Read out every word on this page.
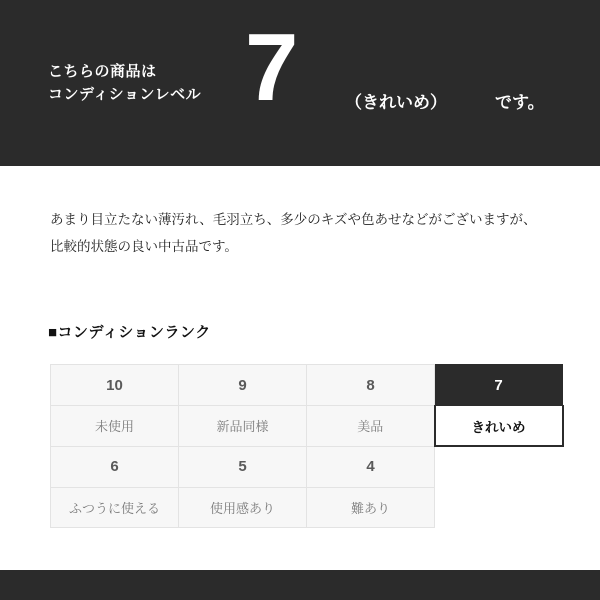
こちらの商品は
コンディションレベル 7	（きれいめ）	です。
あまり目立たない薄汚れ、毛羽立ち、多少のキズや色あせなどがございますが、比較的状態の良い中古品です。
■コンディションランク
10	9	8	7
未使用	新品同様	美品	きれいめ
6	5	4	
ふつうに使える	使用感あり	難あり	
